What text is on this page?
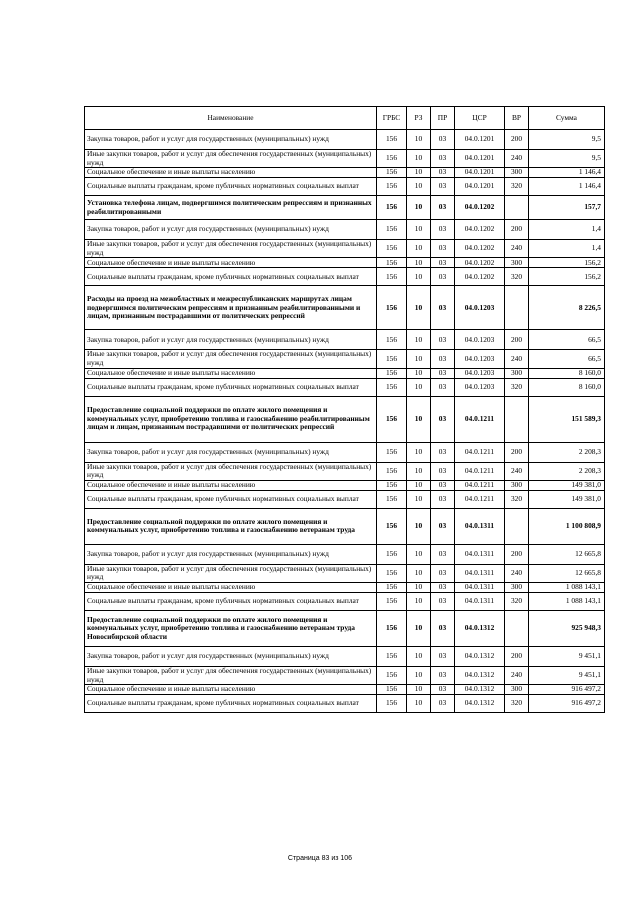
Наименование	ГРБС	РЗ	ПР	ЦСР	ВР	Сумма
Закупка товаров, работ и услуг для государственных (муниципальных) нужд	156	10	03	04.0.1201	200	9,5
Иные закупки товаров, работ и услуг для обеспечения государственных (муниципальных) нужд	156	10	03	04.0.1201	240	9,5
Социальное обеспечение и иные выплаты населению	156	10	03	04.0.1201	300	1 146,4
Социальные выплаты гражданам, кроме публичных нормативных социальных выплат	156	10	03	04.0.1201	320	1 146,4
Установка телефона лицам, подвергшимся политическим репрессиям и признанных реабилитированными	156	10	03	04.0.1202		157,7
Закупка товаров, работ и услуг для государственных (муниципальных) нужд	156	10	03	04.0.1202	200	1,4
Иные закупки товаров, работ и услуг для обеспечения государственных (муниципальных) нужд	156	10	03	04.0.1202	240	1,4
Социальное обеспечение и иные выплаты населению	156	10	03	04.0.1202	300	156,2
Социальные выплаты гражданам, кроме публичных нормативных социальных выплат	156	10	03	04.0.1202	320	156,2
Расходы на проезд на межобластных и межреспубликанских маршрутах лицам подвергшимся политическим репрессиям и признанным реабилитированными и лицам, признанным пострадавшими от политических репрессий	156	10	03	04.0.1203		8 226,5
Закупка товаров, работ и услуг для государственных (муниципальных) нужд	156	10	03	04.0.1203	200	66,5
Иные закупки товаров, работ и услуг для обеспечения государственных (муниципальных) нужд	156	10	03	04.0.1203	240	66,5
Социальное обеспечение и иные выплаты населению	156	10	03	04.0.1203	300	8 160,0
Социальные выплаты гражданам, кроме публичных нормативных социальных выплат	156	10	03	04.0.1203	320	8 160,0
Предоставление социальной поддержки по оплате жилого помещения и коммунальных услуг, приобретению топлива и газоснабжению реабилитированным лицам и лицам, признанным пострадавшими от политических репрессий	156	10	03	04.0.1211		151 589,3
Закупка товаров, работ и услуг для государственных (муниципальных) нужд	156	10	03	04.0.1211	200	2 208,3
Иные закупки товаров, работ и услуг для обеспечения государственных (муниципальных) нужд	156	10	03	04.0.1211	240	2 208,3
Социальное обеспечение и иные выплаты населению	156	10	03	04.0.1211	300	149 381,0
Социальные выплаты гражданам, кроме публичных нормативных социальных выплат	156	10	03	04.0.1211	320	149 381,0
Предоставление социальной поддержки по оплате жилого помещения и коммунальных услуг, приобретению топлива и газоснабжению ветеранам труда	156	10	03	04.0.1311		1 100 808,9
Закупка товаров, работ и услуг для государственных (муниципальных) нужд	156	10	03	04.0.1311	200	12 665,8
Иные закупки товаров, работ и услуг для обеспечения государственных (муниципальных) нужд	156	10	03	04.0.1311	240	12 665,8
Социальное обеспечение и иные выплаты населению	156	10	03	04.0.1311	300	1 088 143,1
Социальные выплаты гражданам, кроме публичных нормативных социальных выплат	156	10	03	04.0.1311	320	1 088 143,1
Предоставление социальной поддержки по оплате жилого помещения и коммунальных услуг, приобретению топлива и газоснабжению ветеранам труда Новосибирской области	156	10	03	04.0.1312		925 948,3
Закупка товаров, работ и услуг для государственных (муниципальных) нужд	156	10	03	04.0.1312	200	9 451,1
Иные закупки товаров, работ и услуг для обеспечения государственных (муниципальных) нужд	156	10	03	04.0.1312	240	9 451,1
Социальное обеспечение и иные выплаты населению	156	10	03	04.0.1312	300	916 497,2
Социальные выплаты гражданам, кроме публичных нормативных социальных выплат	156	10	03	04.0.1312	320	916 497,2
Страница 83 из 106
